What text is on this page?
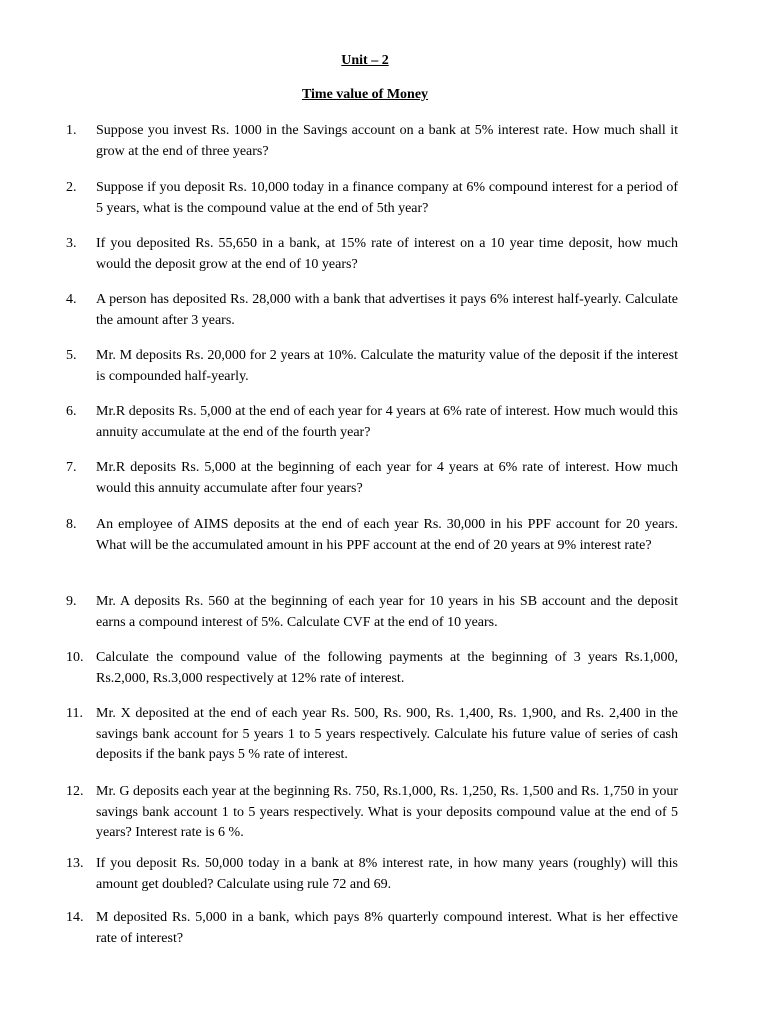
Unit – 2
Time value of Money
1.	Suppose you invest Rs. 1000 in the Savings account on a bank at 5% interest rate. How much shall it grow at the end of three years?
2.	Suppose if you deposit Rs. 10,000 today in a finance company at 6% compound interest for a period of 5 years, what is the compound value at the end of 5th year?
3.	If you deposited Rs. 55,650 in a bank, at 15% rate of interest on a 10 year time deposit, how much would the deposit grow at the end of 10 years?
4.	A person has deposited Rs. 28,000 with a bank that advertises it pays 6% interest half-yearly. Calculate the amount after 3 years.
5.	Mr. M deposits Rs. 20,000 for 2 years at 10%. Calculate the maturity value of the deposit if the interest is compounded half-yearly.
6.	Mr.R deposits Rs. 5,000 at the end of each year for 4 years at 6% rate of interest. How much would this annuity accumulate at the end of the fourth year?
7.	Mr.R deposits Rs. 5,000 at the beginning of each year for 4 years at 6% rate of interest. How much would this annuity accumulate after four years?
8.	An employee of AIMS deposits at the end of each year Rs. 30,000 in his PPF account for 20 years. What will be the accumulated amount in his PPF account at the end of 20 years at 9% interest rate?
9.	Mr. A deposits Rs. 560 at the beginning of each year for 10 years in his SB account and the deposit earns a compound interest of 5%. Calculate CVF at the end of 10 years.
10. Calculate the compound value of the following payments at the beginning of 3 years Rs.1,000, Rs.2,000, Rs.3,000 respectively at 12% rate of interest.
11. Mr. X deposited at the end of each year Rs. 500, Rs. 900, Rs. 1,400, Rs. 1,900, and Rs. 2,400 in the savings bank account for 5 years 1 to 5 years respectively. Calculate his future value of series of cash deposits if the bank pays 5 % rate of interest.
12. Mr. G deposits each year at the beginning Rs. 750, Rs.1,000, Rs. 1,250, Rs. 1,500 and Rs. 1,750 in your savings bank account 1 to 5 years respectively. What is your deposits compound value at the end of 5 years? Interest rate is 6 %.
13. If you deposit Rs. 50,000 today in a bank at 8% interest rate, in how many years (roughly) will this amount get doubled? Calculate using rule 72 and 69.
14. M deposited Rs. 5,000 in a bank, which pays 8% quarterly compound interest. What is her effective rate of interest?
